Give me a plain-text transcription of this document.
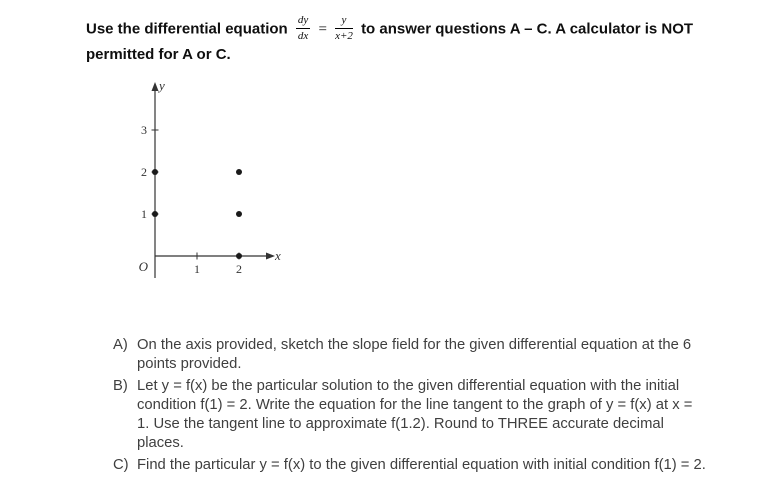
Use the differential equation $\frac{dy}{dx} = \frac{y}{x+2}$ to answer questions A – C. A calculator is NOT
permitted for A or C.
1	2
1
2
3
y
x
O
A) On the axis provided, sketch the slope field for the given differential equation at the 6 points provided.
B) Let y = f(x) be the particular solution to the given differential equation with the initial condition f(1) = 2. Write the equation for the line tangent to the graph of y = f(x) at x = 1. Use the tangent line to approximate f(1.2). Round to THREE accurate decimal places.
C) Find the particular y = f(x) to the given differential equation with initial condition f(1) = 2.
